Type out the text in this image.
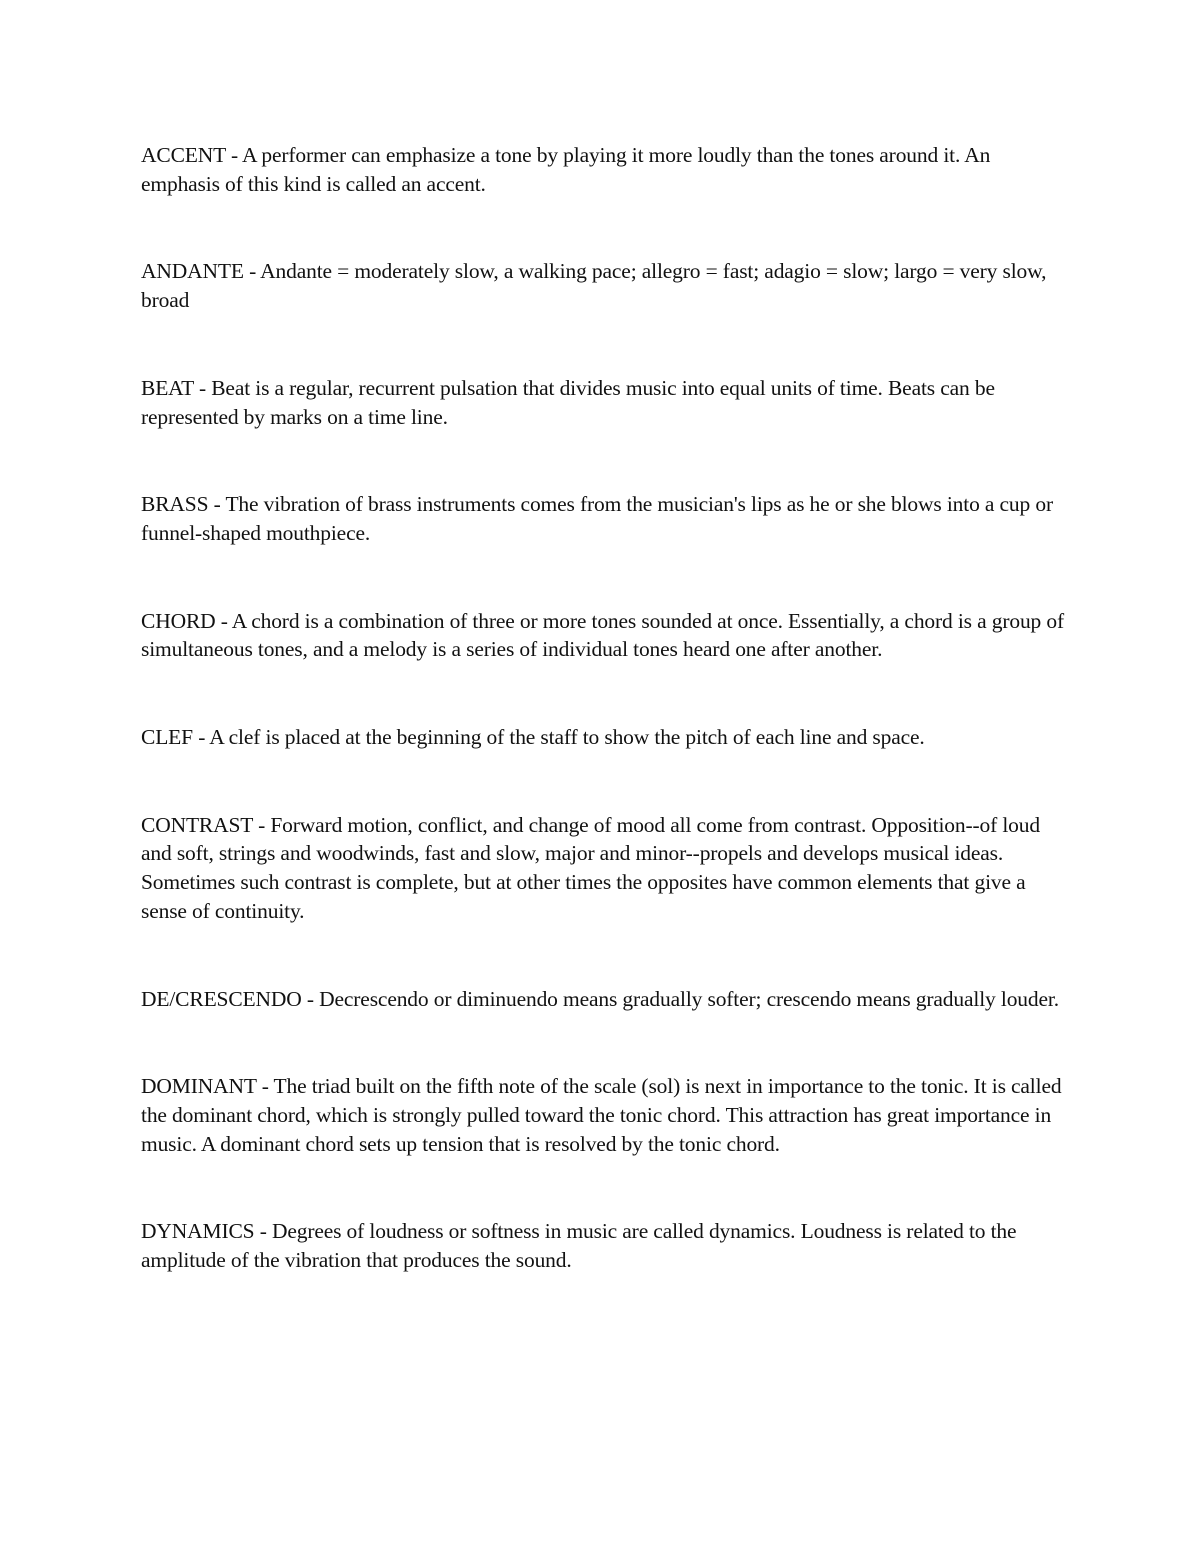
ACCENT - A performer can emphasize a tone by playing it more loudly than the tones around it. An emphasis of this kind is called an accent.

ANDANTE - Andante = moderately slow, a walking pace; allegro = fast; adagio = slow; largo = very slow, broad

BEAT - Beat is a regular, recurrent pulsation that divides music into equal units of time. Beats can be represented by marks on a time line.

BRASS - The vibration of brass instruments comes from the musician's lips as he or she blows into a cup or funnel-shaped mouthpiece.

CHORD - A chord is a combination of three or more tones sounded at once. Essentially, a chord is a group of simultaneous tones, and a melody is a series of individual tones heard one after another.

CLEF - A clef is placed at the beginning of the staff to show the pitch of each line and space.

CONTRAST - Forward motion, conflict, and change of mood all come from contrast. Opposition--of loud and soft, strings and woodwinds, fast and slow, major and minor--propels and develops musical ideas. Sometimes such contrast is complete, but at other times the opposites have common elements that give a sense of continuity.

DE/CRESCENDO - Decrescendo or diminuendo means gradually softer; crescendo means gradually louder.

DOMINANT - The triad built on the fifth note of the scale (sol) is next in importance to the tonic. It is called the dominant chord, which is strongly pulled toward the tonic chord. This attraction has great importance in music. A dominant chord sets up tension that is resolved by the tonic chord.

DYNAMICS - Degrees of loudness or softness in music are called dynamics. Loudness is related to the amplitude of the vibration that produces the sound.
